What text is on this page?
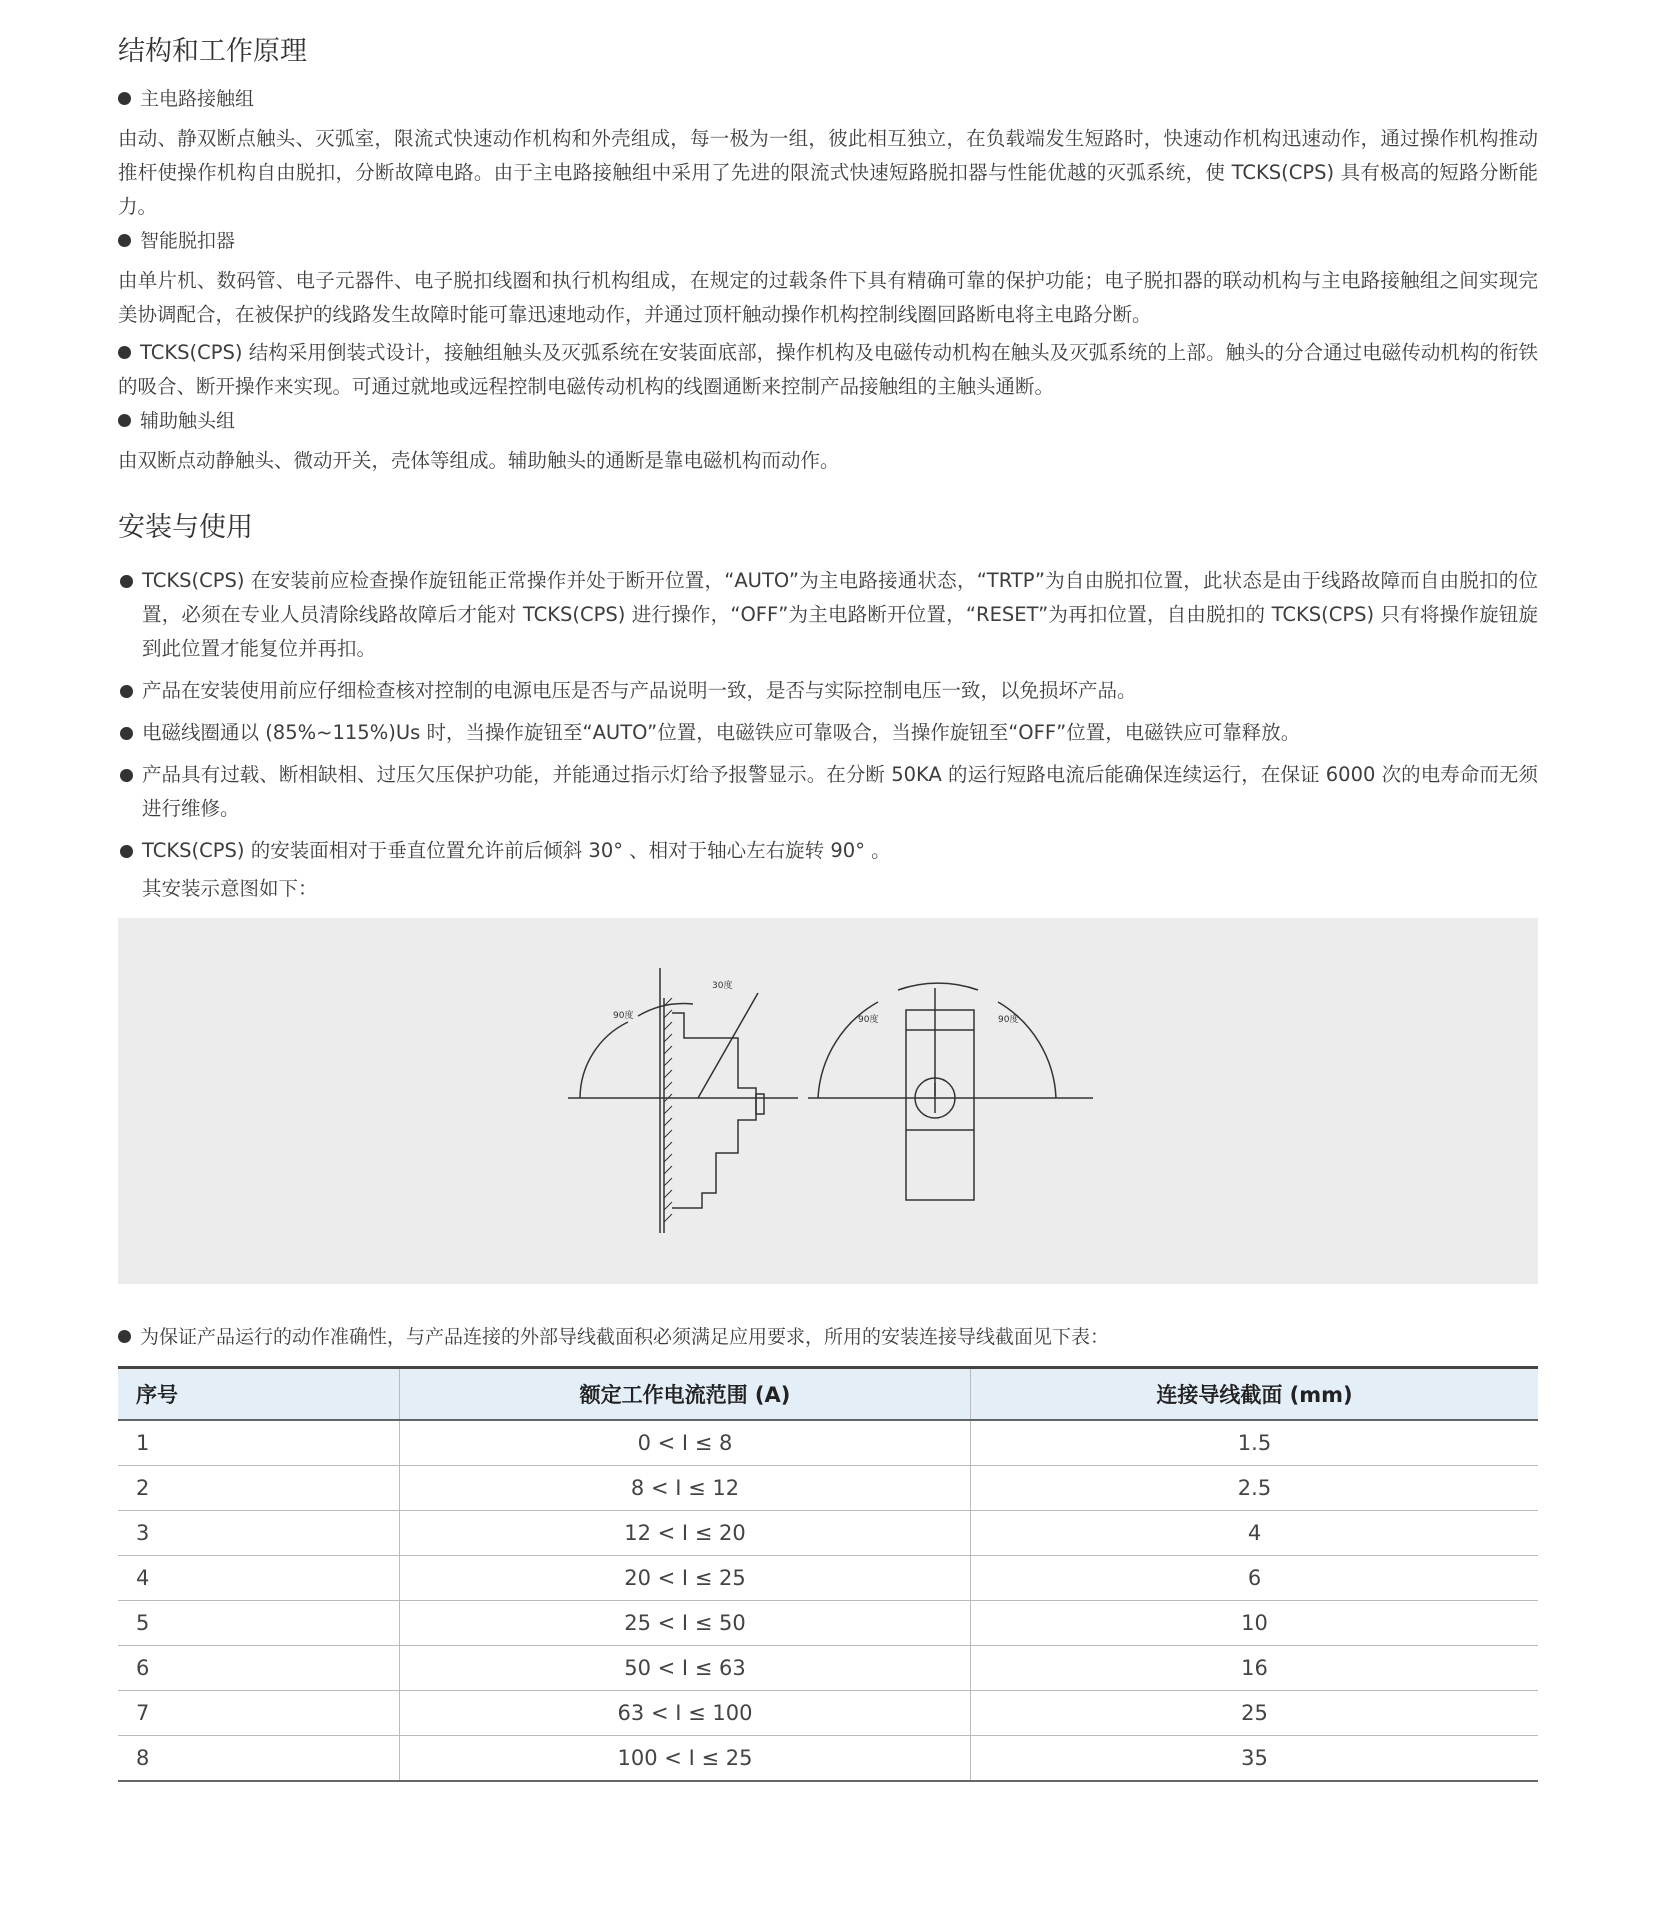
结构和工作原理

主电路接触组

由动、静双断点触头、灭弧室，限流式快速动作机构和外壳组成，每一极为一组，彼此相互独立，在负载端发生短路时，快速动作机构迅速动作，通过操作机构推动推杆使操作机构自由脱扣，分断故障电路。由于主电路接触组中采用了先进的限流式快速短路脱扣器与性能优越的灭弧系统，使 TCKS(CPS) 具有极高的短路分断能力。

智能脱扣器

由单片机、数码管、电子元器件、电子脱扣线圈和执行机构组成，在规定的过载条件下具有精确可靠的保护功能；电子脱扣器的联动机构与主电路接触组之间实现完美协调配合，在被保护的线路发生故障时能可靠迅速地动作，并通过顶杆触动操作机构控制线圈回路断电将主电路分断。

TCKS(CPS) 结构采用倒装式设计，接触组触头及灭弧系统在安装面底部，操作机构及电磁传动机构在触头及灭弧系统的上部。触头的分合通过电磁传动机构的衔铁的吸合、断开操作来实现。可通过就地或远程控制电磁传动机构的线圈通断来控制产品接触组的主触头通断。

辅助触头组

由双断点动静触头、微动开关，壳体等组成。辅助触头的通断是靠电磁机构而动作。

安装与使用

TCKS(CPS) 在安装前应检查操作旋钮能正常操作并处于断开位置，“AUTO”为主电路接通状态，“TRTP”为自由脱扣位置，此状态是由于线路故障而自由脱扣的位置，必须在专业人员清除线路故障后才能对 TCKS(CPS) 进行操作，“OFF”为主电路断开位置，“RESET”为再扣位置，自由脱扣的 TCKS(CPS) 只有将操作旋钮旋到此位置才能复位并再扣。

产品在安装使用前应仔细检查核对控制的电源电压是否与产品说明一致，是否与实际控制电压一致，以免损坏产品。

电磁线圈通以 (85%~115%)Us 时，当操作旋钮至“AUTO”位置，电磁铁应可靠吸合，当操作旋钮至“OFF”位置，电磁铁应可靠释放。

产品具有过载、断相缺相、过压欠压保护功能，并能通过指示灯给予报警显示。在分断 50KA 的运行短路电流后能确保连续运行，在保证 6000 次的电寿命而无须进行维修。

TCKS(CPS) 的安装面相对于垂直位置允许前后倾斜 30° 、相对于轴心左右旋转 90° 。

其安装示意图如下：

90度
30度
90度	90度

为保证产品运行的动作准确性，与产品连接的外部导线截面积必须满足应用要求，所用的安装连接导线截面见下表：

序号	额定工作电流范围 (A)	连接导线截面 (mm)
1	0 < I ≤ 8	1.5
2	8 < I ≤ 12	2.5
3	12 < I ≤ 20	4
4	20 < I ≤ 25	6
5	25 < I ≤ 50	10
6	50 < I ≤ 63	16
7	63 < I ≤ 100	25
8	100 < I ≤ 25	35
